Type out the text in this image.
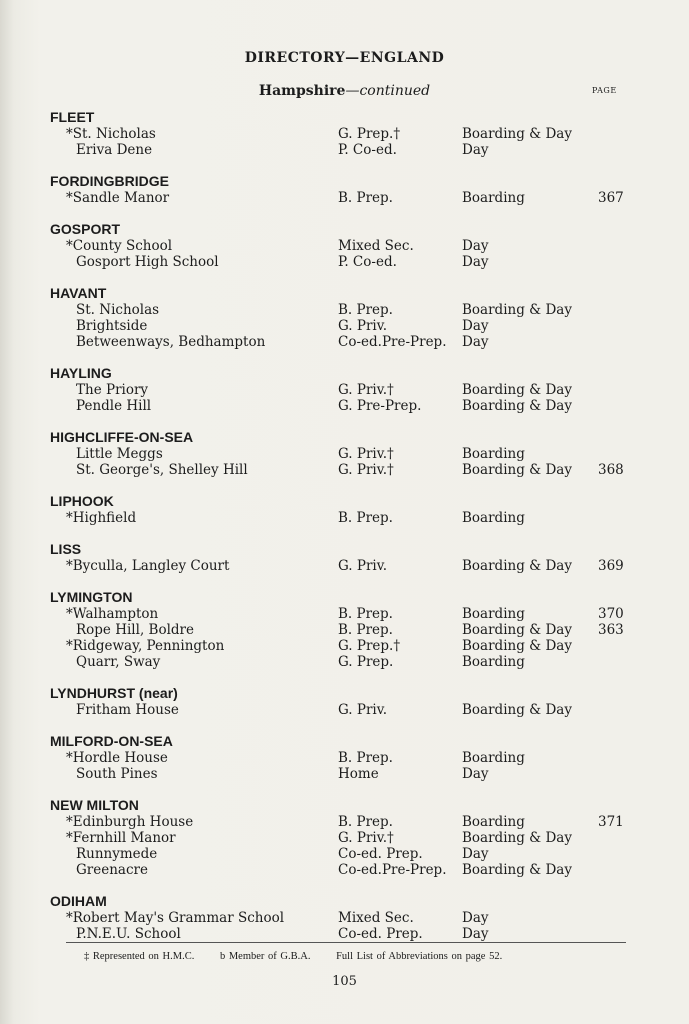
DIRECTORY—ENGLAND
Hampshire—continued	PAGE
FLEET
*St. Nicholas	G. Prep.†	Boarding & Day
Eriva Dene	P. Co-ed.	Day
FORDINGBRIDGE
*Sandle Manor	B. Prep.	Boarding	367
GOSPORT
*County School	Mixed Sec.	Day
Gosport High School	P. Co-ed.	Day
HAVANT
St. Nicholas	B. Prep.	Boarding & Day
Brightside	G. Priv.	Day
Betweenways, Bedhampton	Co-ed.Pre-Prep.	Day
HAYLING
The Priory	G. Priv.†	Boarding & Day
Pendle Hill	G. Pre-Prep.	Boarding & Day
HIGHCLIFFE-ON-SEA
Little Meggs	G. Priv.†	Boarding
St. George's, Shelley Hill	G. Priv.†	Boarding & Day	368
LIPHOOK
*Highfield	B. Prep.	Boarding
LISS
*Byculla, Langley Court	G. Priv.	Boarding & Day	369
LYMINGTON
*Walhampton	B. Prep.	Boarding	370
Rope Hill, Boldre	B. Prep.	Boarding & Day	363
*Ridgeway, Pennington	G. Prep.†	Boarding & Day
Quarr, Sway	G. Prep.	Boarding
LYNDHURST (near)
Fritham House	G. Priv.	Boarding & Day
MILFORD-ON-SEA
*Hordle House	B. Prep.	Boarding
South Pines	Home	Day
NEW MILTON
*Edinburgh House	B. Prep.	Boarding	371
*Fernhill Manor	G. Priv.†	Boarding & Day
Runnymede	Co-ed. Prep.	Day
Greenacre	Co-ed.Pre-Prep.	Boarding & Day
ODIHAM
*Robert May's Grammar School	Mixed Sec.	Day
P.N.E.U. School	Co-ed. Prep.	Day
‡ Represented on H.M.C. b Member of G.B.A. Full List of Abbreviations on page 52.
105
